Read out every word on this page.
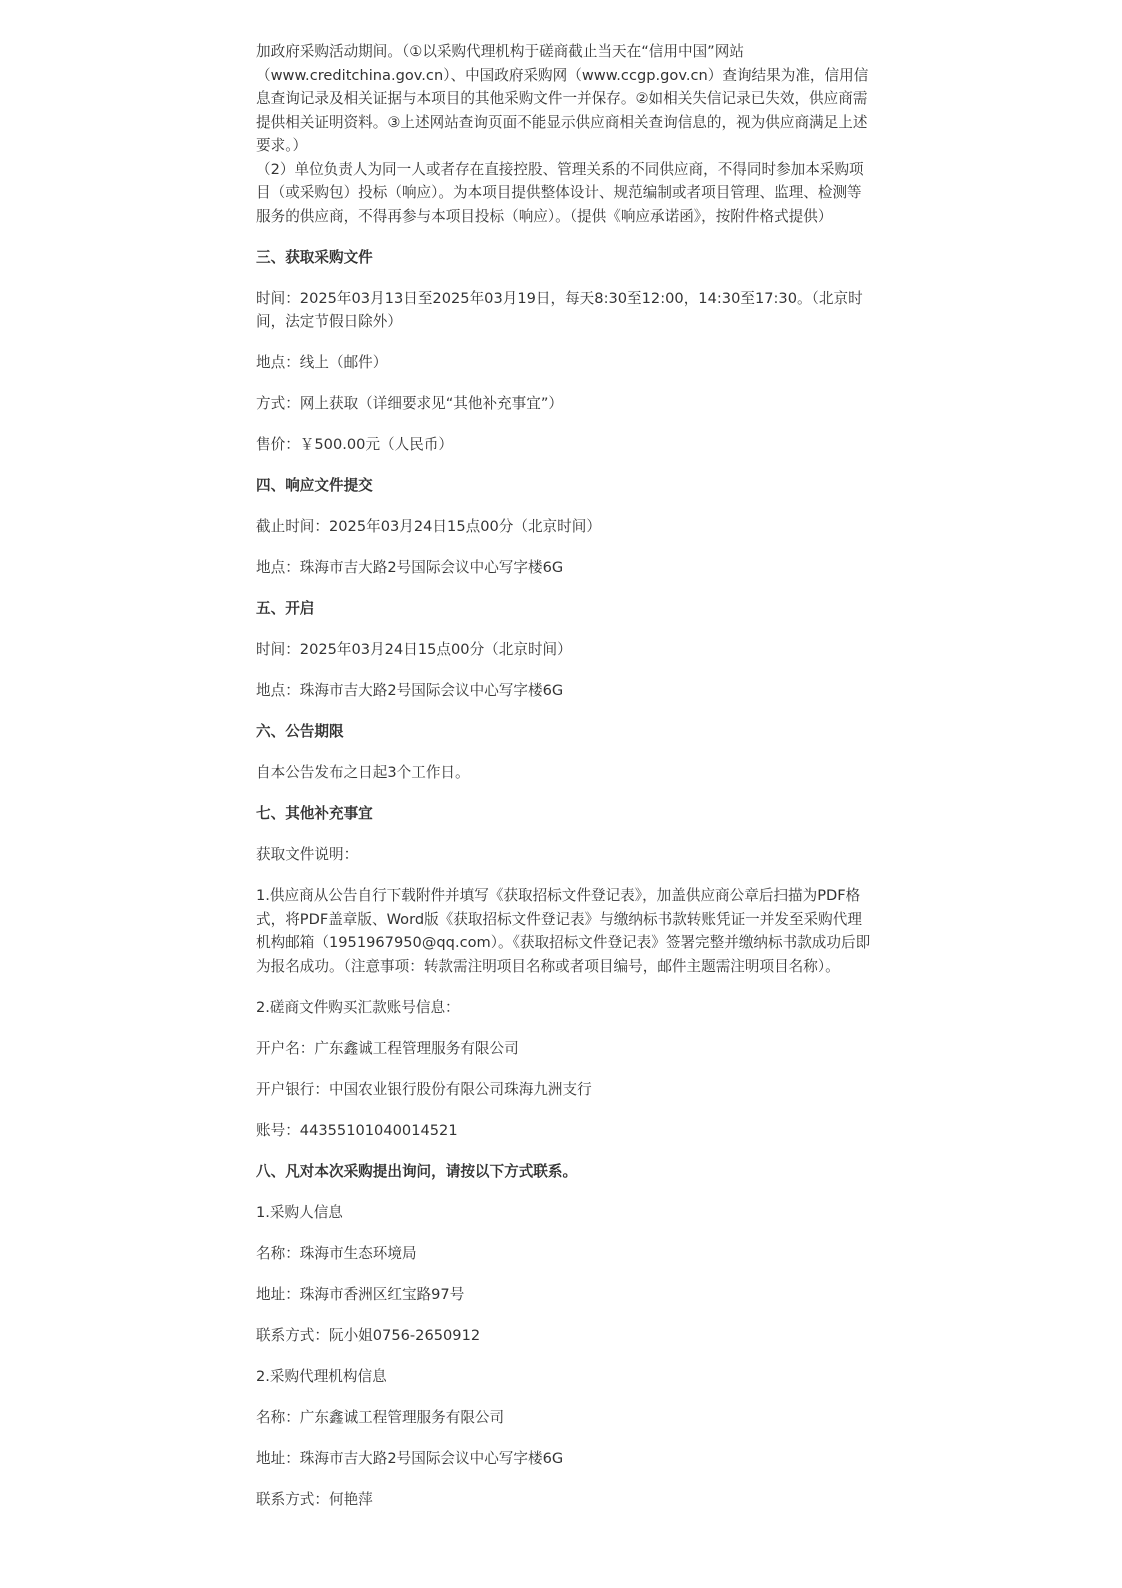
加政府采购活动期间。（①以采购代理机构于磋商截止当天在“信用中国”网站（www.creditchina.gov.cn）、中国政府采购网（www.ccgp.gov.cn）查询结果为准，信用信息查询记录及相关证据与本项目的其他采购文件一并保存。②如相关失信记录已失效，供应商需提供相关证明资料。③上述网站查询页面不能显示供应商相关查询信息的，视为供应商满足上述要求。）

（2）单位负责人为同一人或者存在直接控股、管理关系的不同供应商，不得同时参加本采购项目（或采购包）投标（响应）。为本项目提供整体设计、规范编制或者项目管理、监理、检测等服务的供应商，不得再参与本项目投标（响应）。（提供《响应承诺函》，按附件格式提供）

三、获取采购文件

时间：2025年03月13日至2025年03月19日，每天8:30至12:00，14:30至17:30。（北京时间，法定节假日除外）

地点：线上（邮件）

方式：网上获取（详细要求见“其他补充事宜”）

售价：￥500.00元（人民币）

四、响应文件提交

截止时间：2025年03月24日15点00分（北京时间）

地点：珠海市吉大路2号国际会议中心写字楼6G

五、开启

时间：2025年03月24日15点00分（北京时间）

地点：珠海市吉大路2号国际会议中心写字楼6G

六、公告期限

自本公告发布之日起3个工作日。

七、其他补充事宜

获取文件说明：

1.供应商从公告自行下载附件并填写《获取招标文件登记表》，加盖供应商公章后扫描为PDF格式，将PDF盖章版、Word版《获取招标文件登记表》与缴纳标书款转账凭证一并发至采购代理机构邮箱（1951967950@qq.com）。《获取招标文件登记表》签署完整并缴纳标书款成功后即为报名成功。（注意事项：转款需注明项目名称或者项目编号，邮件主题需注明项目名称）。

2.磋商文件购买汇款账号信息：

开户名：广东鑫诚工程管理服务有限公司

开户银行：中国农业银行股份有限公司珠海九洲支行

账号：44355101040014521

八、凡对本次采购提出询问，请按以下方式联系。

1.采购人信息

名称：珠海市生态环境局

地址：珠海市香洲区红宝路97号

联系方式：阮小姐0756-2650912

2.采购代理机构信息

名称：广东鑫诚工程管理服务有限公司

地址：珠海市吉大路2号国际会议中心写字楼6G

联系方式：何艳萍
